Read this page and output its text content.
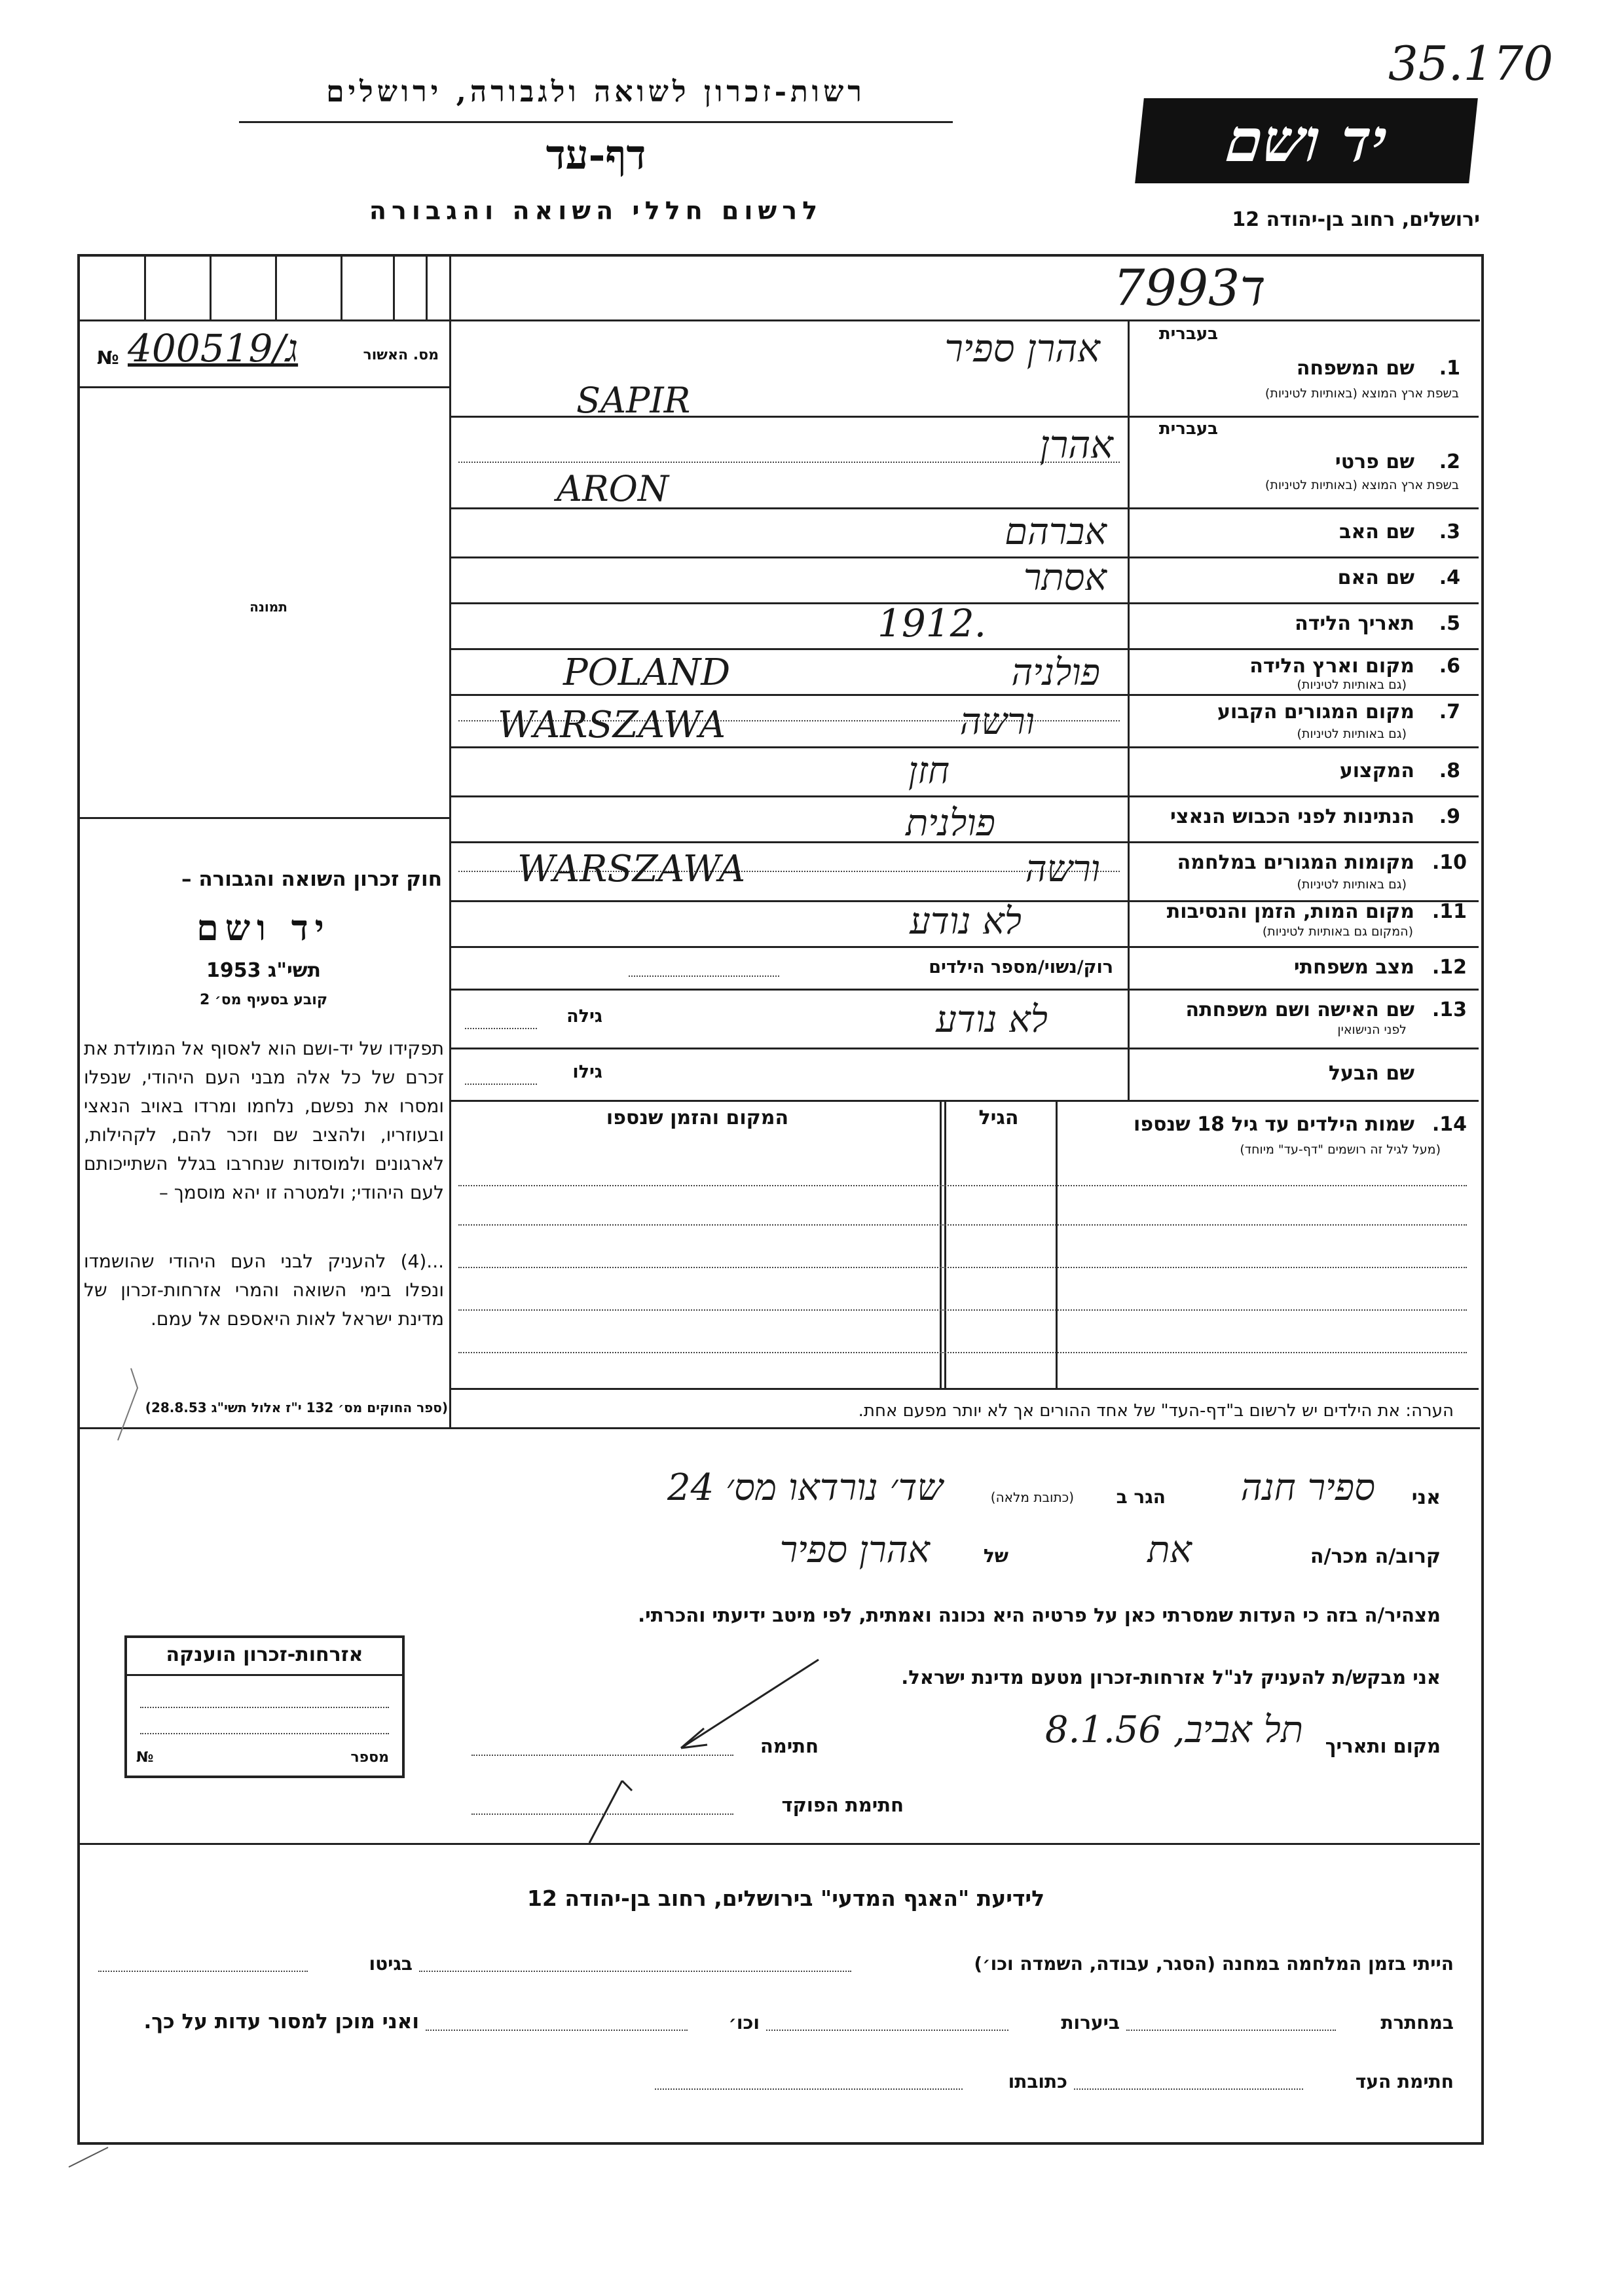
35.170
רשות-זכרון לשואה ולגבורה, ירושלים
דף-עד
לרשום חללי השואה והגבורה
יד ושם
ירושלים, רחוב בן-יהודה 12
7993ד
№ 400519/ג	מס. האשור
תמונה
בעברית
1.
שם המשפחה
בשפת ארץ המוצא (באותיות לטיניות)
אהרן ספיר
SAPIR
בעברית
2.
שם פרטי
בשפת ארץ המוצא (באותיות לטיניות)
אהרן
ARON
3.
שם האב
אברהם
4.
שם האם
אסתר
5.
תאריך הלידה
1912.
6.
מקום וארץ הלידה
(גם באותיות לטיניות)
פולניה
POLAND
7.
מקום המגורים הקבוע
(גם באותיות לטיניות)
ורשה
WARSZAWA
8.
המקצוע
חזן
9.
הנתינות לפני הכבוש הנאצי
פולנית
10.
מקומות המגורים במלחמה
(גם באותיות לטיניות)
ורשה
WARSZAWA
11.
מקום המות, הזמן והנסיבות
(המקום גם באותיות לטיניות)
לא נודע
12.
מצב משפחתי
רוק/נשוי/מספר הילדים
13.
שם האישה ושם משפחתה
לפני הנישואין
לא נודע
גילה
שם הבעל
גילו
14.
שמות הילדים עד גיל 18 שנספו
(מעל לגיל זה רושמים "דף-עד" מיוחד)
הגיל
המקום והזמן שנספו
הערה: את הילדים יש לרשום ב"דף-העד" של אחד ההורים אך לא יותר מפעם אחת.
חוק זכרון השואה והגבורה –
יד ושם
תשי"ג 1953
קובע בסעיף מס׳ 2
תפקידו של יד-ושם הוא לאסוף אל המולדת את זכרם של כל אלה מבני העם היהודי, שנפלו ומסרו את נפשם, נלחמו ומרדו באויב הנאצי ובעוזריו, ולהציב שם וזכר להם, לקהילות, לארגונים ולמוסדות שנחרבו בגלל השתייכותם לעם היהודי; ולמטרה זו יהא מוסמך –
...(4) להעניק לבני העם היהודי שהושמדו ונפלו בימי השואה והמרי אזרחות-זכרון של מדינת ישראל לאות היאספם אל עמם.
(ספר החוקים מס׳ 132 י"ז אלול תשי"ג 28.8.53)
אני
ספיר חנה
הגר ב
(כתובת מלאה)
שד׳ נורדאו מס׳ 24
קרוב/ה מכר/ה
את
של
אהרן ספיר
מצהיר/ה בזה כי העדות שמסרתי כאן על פרטיה היא נכונה ואמתית, לפי מיטב ידיעתי והכרתי.
אני מבקש/ת להעניק לנ"ל אזרחות-זכרון מטעם מדינת ישראל.
מקום ותאריך
תל אביב, 8.1.56
חתימה
חתימת הפוקד
אזרחות-זכרון הוענקה
№	מספר
לידיעת "האגף המדעי" בירושלים, רחוב בן-יהודה 12
הייתי בזמן המלחמה במחנה (הסגר, עבודה, השמדה וכו׳)
בגיטו
במחתרת
ביערות
וכו׳
ואני מוכן למסור עדות על כך.
חתימת העד
כתובתו
